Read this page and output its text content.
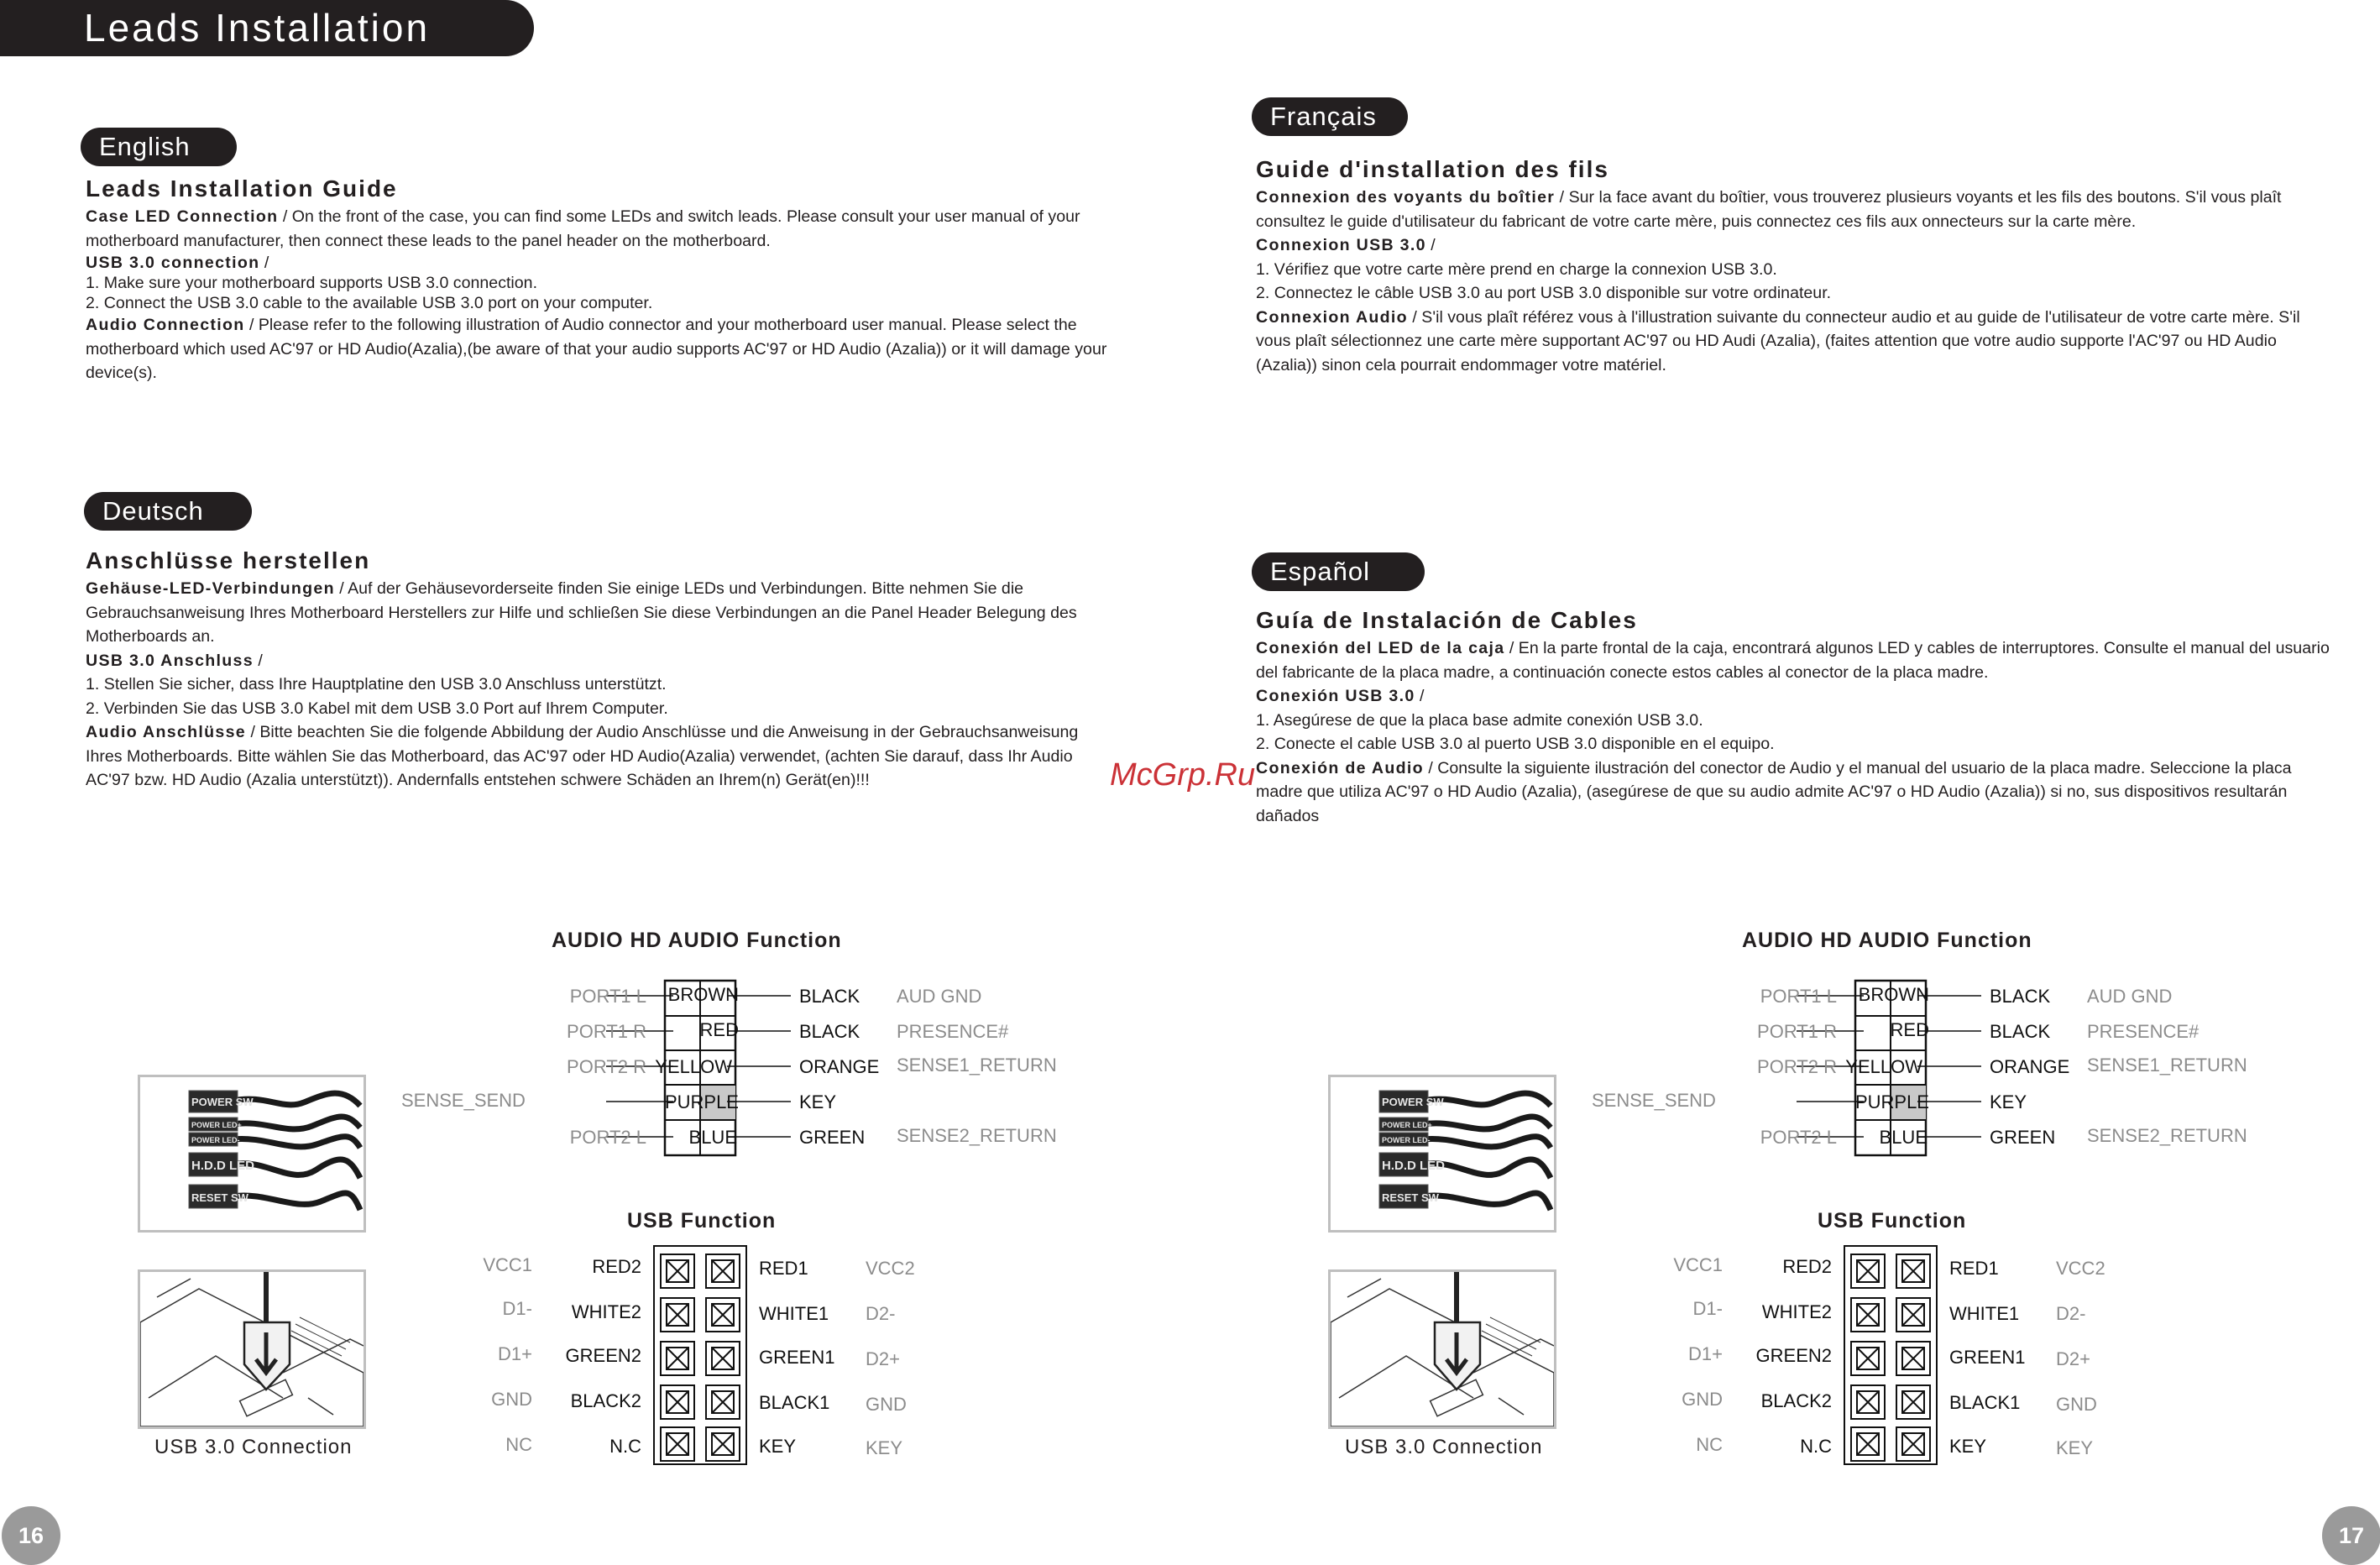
Leads Installation
English
Deutsch
Français
Español
Leads Installation Guide

Case LED Connection / On the front of the case, you can find some LEDs and switch leads. Please consult your user manual of your motherboard manufacturer, then connect these leads to the panel header on the motherboard.

USB 3.0 connection /

1. Make sure your motherboard supports USB 3.0 connection.

2. Connect the USB 3.0 cable to the available USB 3.0 port on your computer.

Audio Connection / Please refer to the following illustration of Audio connector and your motherboard user manual. Please select the motherboard which used AC'97 or HD Audio(Azalia),(be aware of that your audio supports AC'97 or HD Audio (Azalia)) or it will damage your device(s).

Anschlüsse herstellen

Gehäuse-LED-Verbindungen / Auf der Gehäusevorderseite finden Sie einige LEDs und Verbindungen. Bitte nehmen Sie die Gebrauchsanweisung Ihres Motherboard Herstellers zur Hilfe und schließen Sie diese Verbindungen an die Panel Header Belegung des Motherboards an.

USB 3.0 Anschluss /

1. Stellen Sie sicher, dass Ihre Hauptplatine den USB 3.0 Anschluss unterstützt.

2. Verbinden Sie das USB 3.0 Kabel mit dem USB 3.0 Port auf Ihrem Computer.

Audio Anschlüsse / Bitte beachten Sie die folgende Abbildung der Audio Anschlüsse und die Anweisung in der Gebrauchsanweisung Ihres Motherboards. Bitte wählen Sie das Motherboard, das AC'97 oder HD Audio(Azalia) verwendet, (achten Sie darauf, dass Ihr Audio AC'97 bzw. HD Audio (Azalia unterstützt)). Andernfalls entstehen schwere Schäden an Ihrem(n) Gerät(en)!!!

Guide d'installation des fils

Connexion des voyants du boîtier / Sur la face avant du boîtier, vous trouverez plusieurs voyants et les fils des boutons. S'il vous plaît consultez le guide d'utilisateur du fabricant de votre carte mère, puis connectez ces fils aux onnecteurs sur la carte mère.

Connexion USB 3.0 /

1. Vérifiez que votre carte mère prend en charge la connexion USB 3.0.

2. Connectez le câble USB 3.0 au port USB 3.0 disponible sur votre ordinateur.

Connexion Audio / S'il vous plaît référez vous à l'illustration suivante du connecteur audio et au guide de l'utilisateur de votre carte mère. S'il vous plaît sélectionnez une carte mère supportant AC'97 ou HD Audi (Azalia), (faites attention que votre audio supporte l'AC'97 ou HD Audio (Azalia)) sinon cela pourrait endommager votre matériel.

Guía de Instalación de Cables

Conexión del LED de la caja / En la parte frontal de la caja, encontrará algunos LED y cables de interruptores. Consulte el manual del usuario del fabricante de la placa madre, a continuación conecte estos cables al conector de la placa madre.

Conexión USB 3.0 /

1. Asegúrese de que la placa base admite conexión USB 3.0.

2. Conecte el cable USB 3.0 al puerto USB 3.0 disponible en el equipo.

Conexión de Audio / Consulte la siguiente ilustración del conector de Audio y el manual del usuario de la placa madre. Seleccione la placa madre que utiliza AC'97 o HD Audio (Azalia), (asegúrese de que su audio admite AC'97 o HD Audio (Azalia)) si no, sus dispositivos resultarán dañados

McGrp.Ru
AUDIO HD AUDIO Function
PORT1 L
PORT1 R
PORT2 R
SENSE_SEND
PORT2 L
BROWN
RED
YELLOW
PURPLE
BLUE
BLACK
BLACK
ORANGE
KEY
GREEN
AUD GND
PRESENCE#
SENSE1_RETURN
SENSE2_RETURN
USB Function
VCC1
D1-
D1+
GND
NC
RED2
WHITE2
GREEN2
BLACK2
N.C
RED1
WHITE1
GREEN1
BLACK1
KEY
VCC2
D2-
D2+
GND
KEY
POWER SW
POWER LED+
POWER LED-
H.D.D LED
RESET SW
USB 3.0 Connection
AUDIO HD AUDIO Function
PORT1 L
PORT1 R
PORT2 R
SENSE_SEND
PORT2 L
BROWN
RED
YELLOW
PURPLE
BLUE
BLACK
BLACK
ORANGE
KEY
GREEN
AUD GND
PRESENCE#
SENSE1_RETURN
SENSE2_RETURN
USB Function
VCC1
D1-
D1+
GND
NC
RED2
WHITE2
GREEN2
BLACK2
N.C
RED1
WHITE1
GREEN1
BLACK1
KEY
VCC2
D2-
D2+
GND
KEY
POWER SW
POWER LED+
POWER LED-
H.D.D LED
RESET SW
USB 3.0 Connection
16	17
